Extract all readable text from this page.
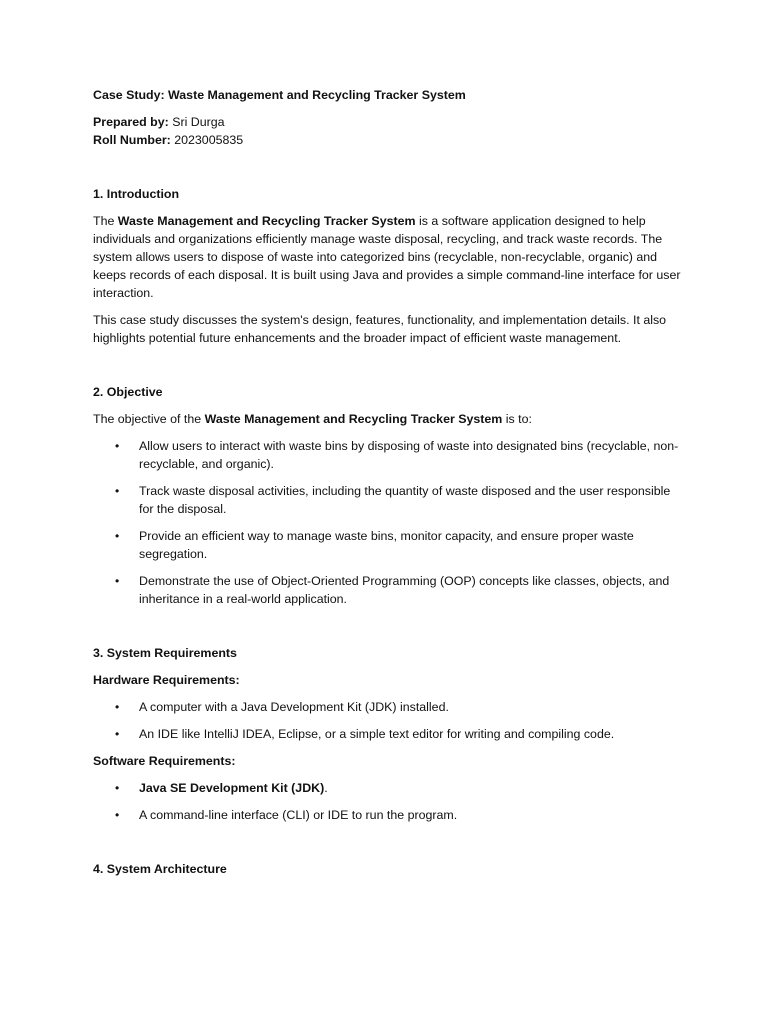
Case Study: Waste Management and Recycling Tracker System

Prepared by: Sri Durga

Roll Number: 2023005835

1. Introduction

The Waste Management and Recycling Tracker System is a software application designed to help individuals and organizations efficiently manage waste disposal, recycling, and track waste records. The system allows users to dispose of waste into categorized bins (recyclable, non-recyclable, organic) and keeps records of each disposal. It is built using Java and provides a simple command-line interface for user interaction.

This case study discusses the system's design, features, functionality, and implementation details. It also highlights potential future enhancements and the broader impact of efficient waste management.

2. Objective

The objective of the Waste Management and Recycling Tracker System is to:

• Allow users to interact with waste bins by disposing of waste into designated bins (recyclable, non-recyclable, and organic).
• Track waste disposal activities, including the quantity of waste disposed and the user responsible for the disposal.
• Provide an efficient way to manage waste bins, monitor capacity, and ensure proper waste segregation.
• Demonstrate the use of Object-Oriented Programming (OOP) concepts like classes, objects, and inheritance in a real-world application.

3. System Requirements

Hardware Requirements:

• A computer with a Java Development Kit (JDK) installed.
• An IDE like IntelliJ IDEA, Eclipse, or a simple text editor for writing and compiling code.

Software Requirements:

• Java SE Development Kit (JDK).
• A command-line interface (CLI) or IDE to run the program.

4. System Architecture
